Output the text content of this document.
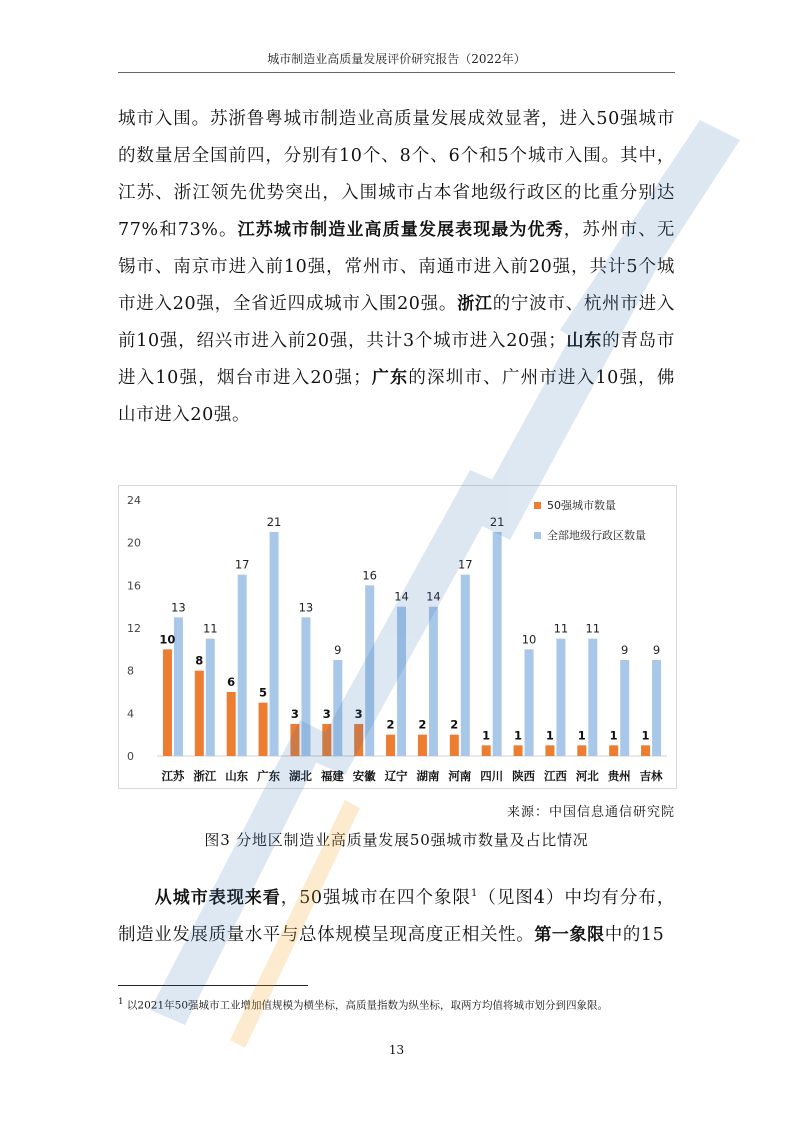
城市制造业高质量发展评价研究报告（2022年）

城市入围。苏浙鲁粤城市制造业高质量发展成效显著，进入50强城市的数量居全国前四，分别有10个、8个、6个和5个城市入围。其中，江苏、浙江领先优势突出，入围城市占本省地级行政区的比重分别达77%和73%。江苏城市制造业高质量发展表现最为优秀，苏州市、无锡市、南京市进入前10强，常州市、南通市进入前20强，共计5个城市进入20强，全省近四成城市入围20强。浙江的宁波市、杭州市进入前10强，绍兴市进入前20强，共计3个城市进入20强；山东的青岛市进入10强，烟台市进入20强；广东的深圳市、广州市进入10强，佛山市进入20强。

0
4
8
12
16
20
24
10
13
江苏
8
11
浙江
6
17
山东
5
21
广东
3
13
湖北
3
9
福建
3
16
安徽
2
14
辽宁
2
14
湖南
2
17
河南
1
21
四川
1
10
陕西
1
11
江西
1
11
河北
1
9
贵州
1
9
吉林
50强城市数量
全部地级行政区数量
来源：中国信息通信研究院
图3 分地区制造业高质量发展50强城市数量及占比情况

从城市表现来看，50强城市在四个象限$^1$（见图4）中均有分布，制造业发展质量水平与总体规模呈现高度正相关性。第一象限中的15

$^1$ 以2021年50强城市工业增加值规模为横坐标，高质量指数为纵坐标，取两方均值将城市划分到四象限。
13
